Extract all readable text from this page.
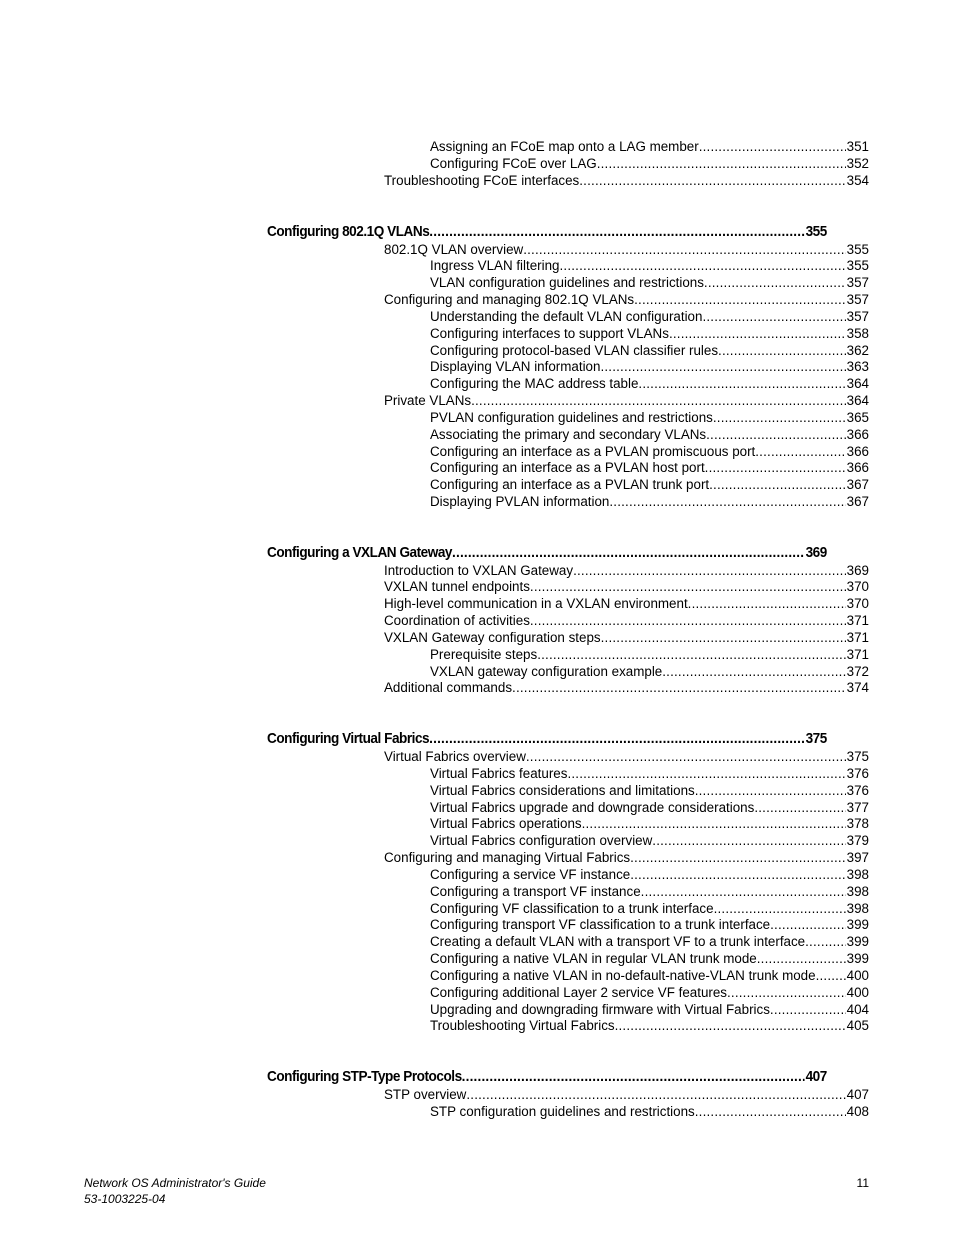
Assigning an FCoE map onto a LAG member .....	351
Configuring FCoE over LAG .....	352
Troubleshooting FCoE interfaces .....	354
Configuring 802.1Q VLANs .....	355
802.1Q VLAN overview .....	355
Ingress VLAN filtering .....	355
VLAN configuration guidelines and restrictions .....	357
Configuring and managing 802.1Q VLANs .....	357
Understanding the default VLAN configuration .....	357
Configuring interfaces to support VLANs .....	358
Configuring protocol-based VLAN classifier rules .....	362
Displaying VLAN information .....	363
Configuring the MAC address table .....	364
Private VLANs .....	364
PVLAN configuration guidelines and restrictions .....	365
Associating the primary and secondary VLANs .....	366
Configuring an interface as a PVLAN promiscuous port .....	366
Configuring an interface as a PVLAN host port .....	366
Configuring an interface as a PVLAN trunk port .....	367
Displaying PVLAN information .....	367
Configuring a VXLAN Gateway .....	369
Introduction to VXLAN Gateway .....	369
VXLAN tunnel endpoints .....	370
High-level communication in a VXLAN environment .....	370
Coordination of activities .....	371
VXLAN Gateway configuration steps .....	371
Prerequisite steps .....	371
VXLAN gateway configuration example .....	372
Additional commands .....	374
Configuring Virtual Fabrics .....	375
Virtual Fabrics overview .....	375
Virtual Fabrics features .....	376
Virtual Fabrics considerations and limitations .....	376
Virtual Fabrics upgrade and downgrade considerations .....	377
Virtual Fabrics operations .....	378
Virtual Fabrics configuration overview .....	379
Configuring and managing Virtual Fabrics .....	397
Configuring a service VF instance .....	398
Configuring a transport VF instance .....	398
Configuring VF classification to a trunk interface .....	398
Configuring transport VF classification to a trunk interface .....	399
Creating a default VLAN with a transport VF to a trunk interface .....	399
Configuring a native VLAN in regular VLAN trunk mode .....	399
Configuring a native VLAN in no-default-native-VLAN trunk mode ..... 400
Configuring additional Layer 2 service VF features .....	400
Upgrading and downgrading firmware with Virtual Fabrics .....	404
Troubleshooting Virtual Fabrics .....	405
Configuring STP-Type Protocols .....	407
STP overview .....	407
STP configuration guidelines and restrictions .....	408
Network OS Administrator's Guide
53-1003225-04
11
